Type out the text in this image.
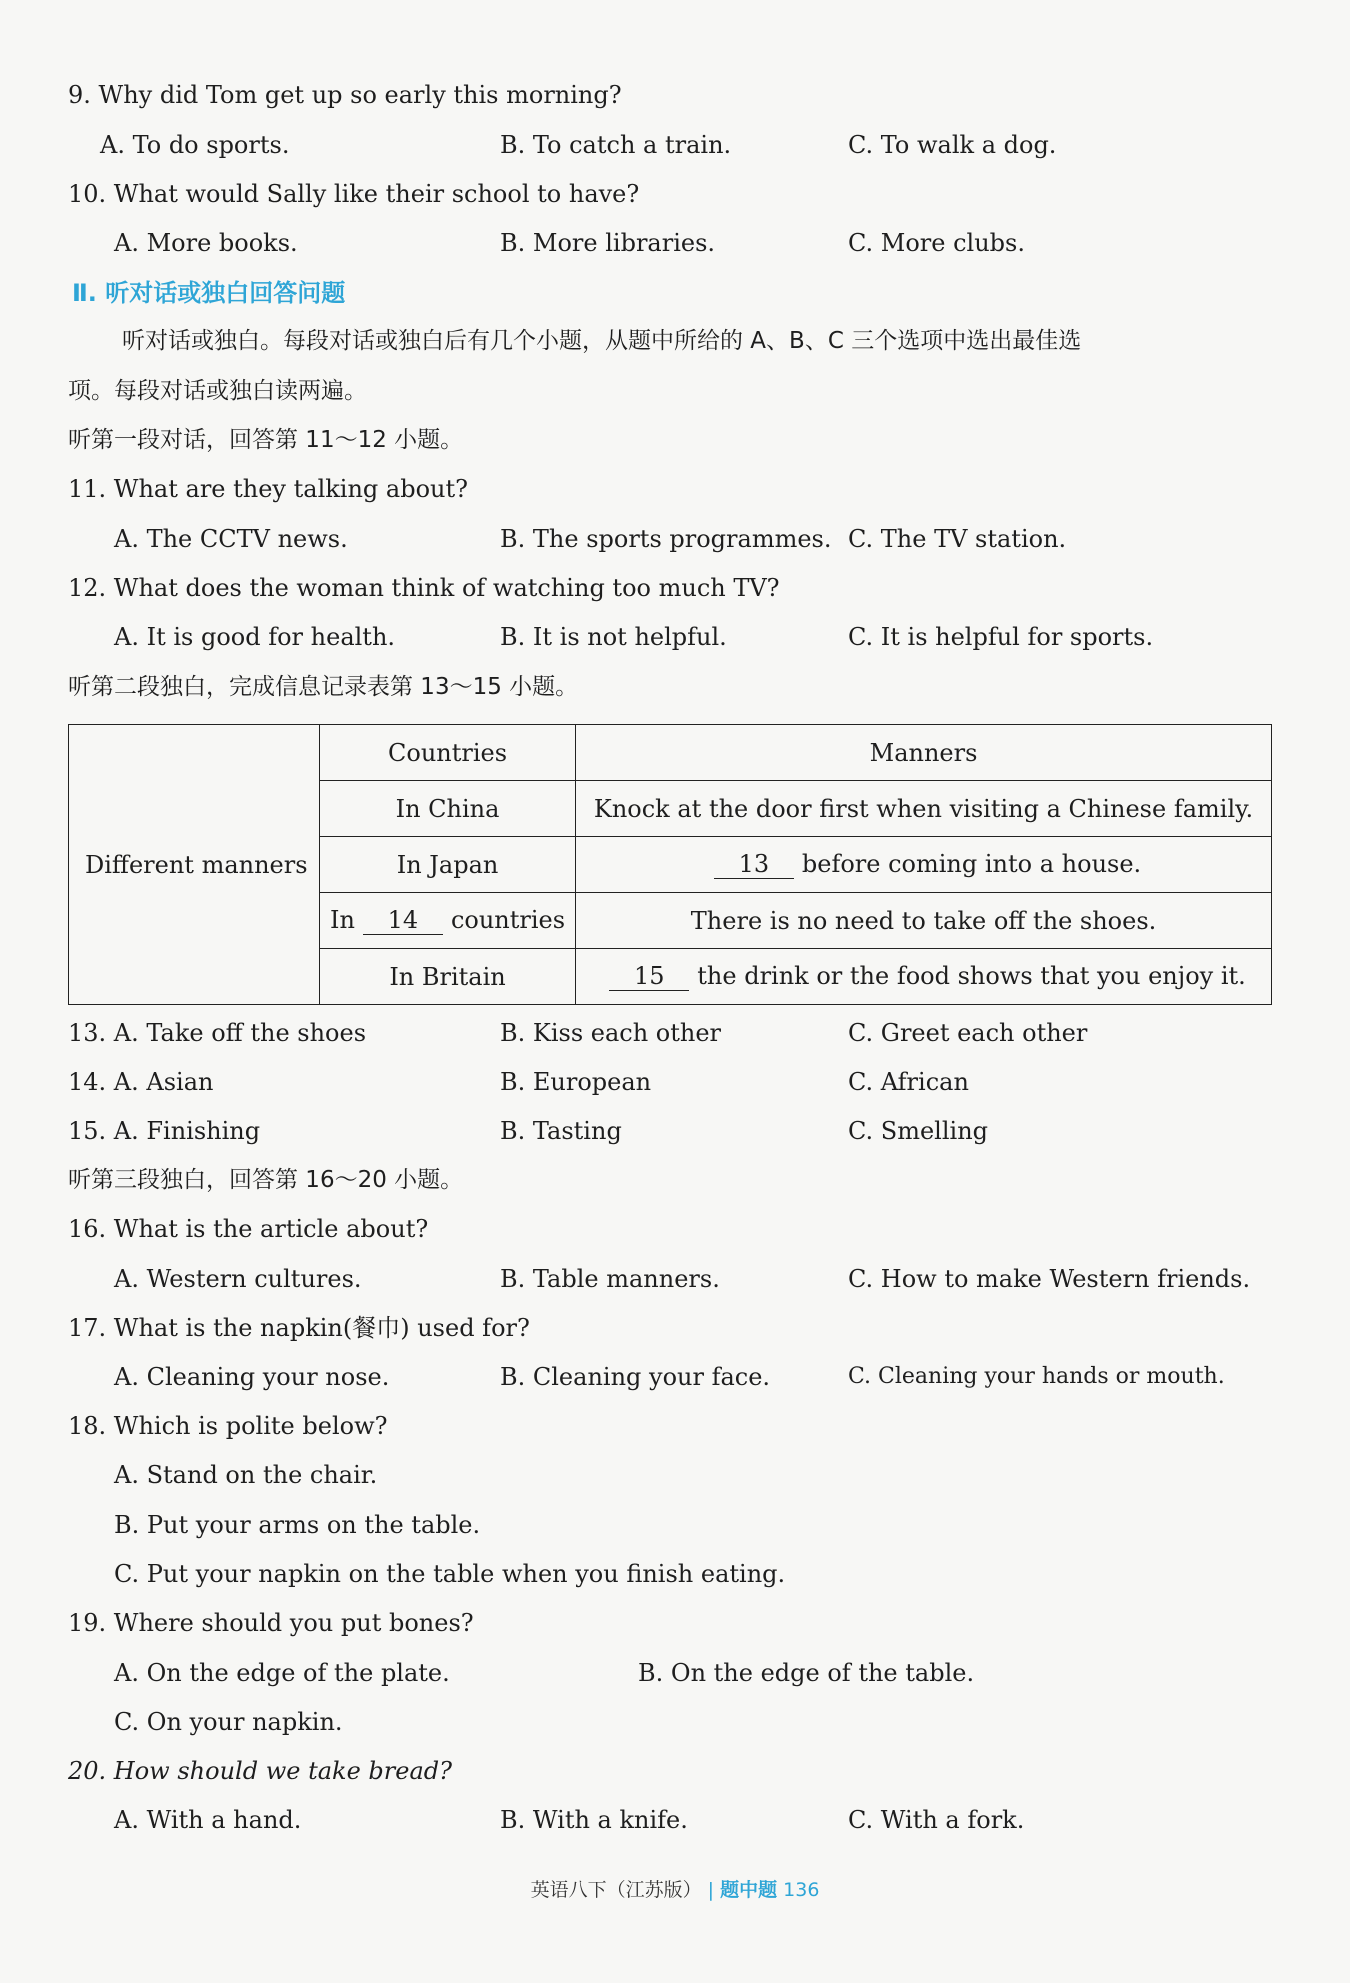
9. Why did Tom get up so early this morning?
A. To do sports.	B. To catch a train.	C. To walk a dog.
10. What would Sally like their school to have?
A. More books.	B. More libraries.	C. More clubs.
Ⅱ. 听对话或独白回答问题
听对话或独白。每段对话或独白后有几个小题，从题中所给的 A、B、C 三个选项中选出最佳选
项。每段对话或独白读两遍。
听第一段对话，回答第 11～12 小题。
11. What are they talking about?
A. The CCTV news.	B. The sports programmes. C. The TV station.
12. What does the woman think of watching too much TV?
A. It is good for health.	B. It is not helpful.	C. It is helpful for sports.
听第二段独白，完成信息记录表第 13～15 小题。
Different manners	Countries	Manners
	In China	Knock at the door first when visiting a Chinese family.
	In Japan	13 before coming into a house.
	In 14 countries	There is no need to take off the shoes.
	In Britain	15 the drink or the food shows that you enjoy it.
13. A. Take off the shoes	B. Kiss each other	C. Greet each other
14. A. Asian	B. European	C. African
15. A. Finishing	B. Tasting	C. Smelling
听第三段独白，回答第 16～20 小题。
16. What is the article about?
A. Western cultures.	B. Table manners.	C. How to make Western friends.
17. What is the napkin(餐巾) used for?
A. Cleaning your nose.	B. Cleaning your face.	C. Cleaning your hands or mouth.
18. Which is polite below?
A. Stand on the chair.
B. Put your arms on the table.
C. Put your napkin on the table when you finish eating.
19. Where should you put bones?
A. On the edge of the plate.	B. On the edge of the table.
C. On your napkin.
20. How should we take bread?
A. With a hand.	B. With a knife.	C. With a fork.
英语八下（江苏版） | 题中题 136
